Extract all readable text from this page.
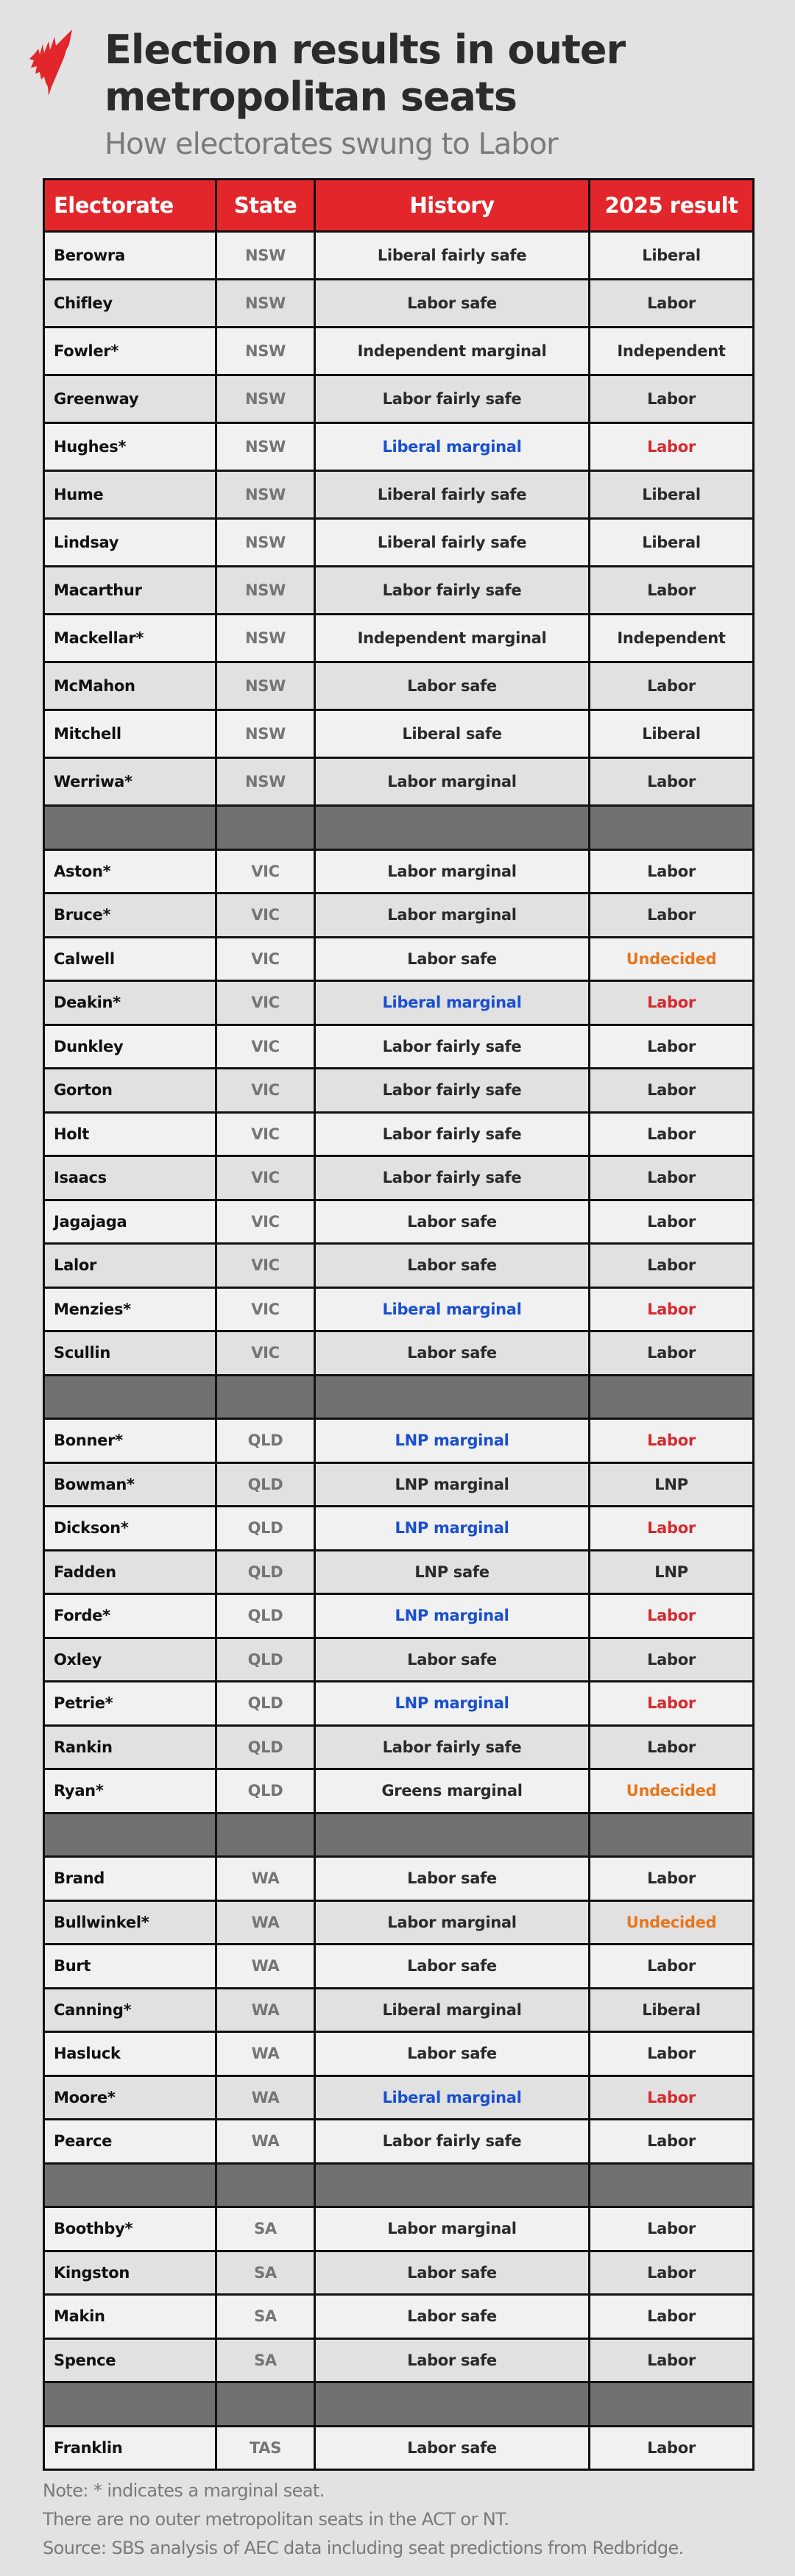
Election results in outer
metropolitan seats
How electorates swung to Labor
Electorate	State	History	2025 result
Berowra	NSW	Liberal fairly safe	Liberal
Chifley	NSW	Labor safe	Labor
Fowler*	NSW	Independent marginal	Independent
Greenway	NSW	Labor fairly safe	Labor
Hughes*	NSW	Liberal marginal	Labor
Hume	NSW	Liberal fairly safe	Liberal
Lindsay	NSW	Liberal fairly safe	Liberal
Macarthur	NSW	Labor fairly safe	Labor
Mackellar*	NSW	Independent marginal	Independent
McMahon	NSW	Labor safe	Labor
Mitchell	NSW	Liberal safe	Liberal
Werriwa*	NSW	Labor marginal	Labor

Aston*	VIC	Labor marginal	Labor
Bruce*	VIC	Labor marginal	Labor
Calwell	VIC	Labor safe	Undecided
Deakin*	VIC	Liberal marginal	Labor
Dunkley	VIC	Labor fairly safe	Labor
Gorton	VIC	Labor fairly safe	Labor
Holt	VIC	Labor fairly safe	Labor
Isaacs	VIC	Labor fairly safe	Labor
Jagajaga	VIC	Labor safe	Labor
Lalor	VIC	Labor safe	Labor
Menzies*	VIC	Liberal marginal	Labor
Scullin	VIC	Labor safe	Labor

Bonner*	QLD	LNP marginal	Labor
Bowman*	QLD	LNP marginal	LNP
Dickson*	QLD	LNP marginal	Labor
Fadden	QLD	LNP safe	LNP
Forde*	QLD	LNP marginal	Labor
Oxley	QLD	Labor safe	Labor
Petrie*	QLD	LNP marginal	Labor
Rankin	QLD	Labor fairly safe	Labor
Ryan*	QLD	Greens marginal	Undecided

Brand	WA	Labor safe	Labor
Bullwinkel*	WA	Labor marginal	Undecided
Burt	WA	Labor safe	Labor
Canning*	WA	Liberal marginal	Liberal
Hasluck	WA	Labor safe	Labor
Moore*	WA	Liberal marginal	Labor
Pearce	WA	Labor fairly safe	Labor

Boothby*	SA	Labor marginal	Labor
Kingston	SA	Labor safe	Labor
Makin	SA	Labor safe	Labor
Spence	SA	Labor safe	Labor

Franklin	TAS	Labor safe	Labor

Note: * indicates a marginal seat.

There are no outer metropolitan seats in the ACT or NT.

Source: SBS analysis of AEC data including seat predictions from Redbridge.
